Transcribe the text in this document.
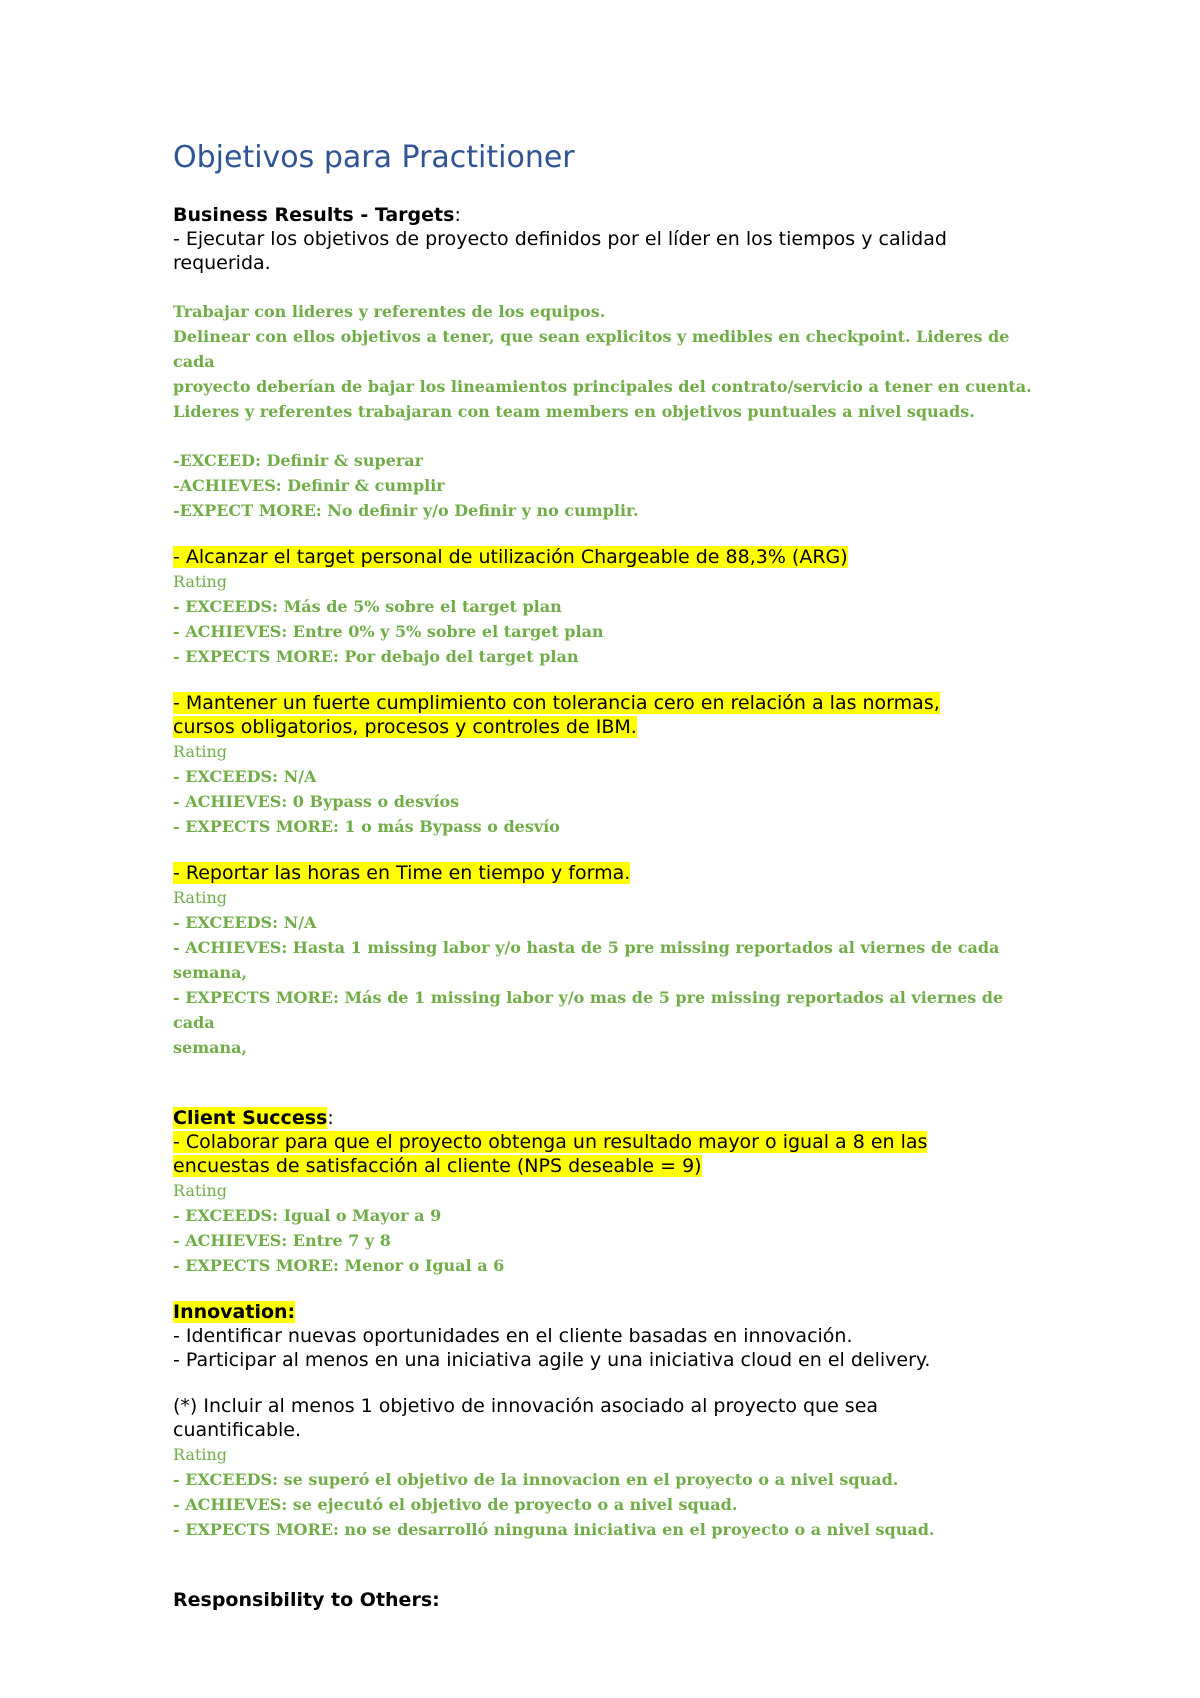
Objetivos para Practitioner

Business Results - Targets:

- Ejecutar los objetivos de proyecto definidos por el líder en los tiempos y calidad

requerida.

Trabajar con lideres y referentes de los equipos.

Delinear con ellos objetivos a tener, que sean explicitos y medibles en checkpoint. Lideres de cada

proyecto deberían de bajar los lineamientos principales del contrato/servicio a tener en cuenta.

Lideres y referentes trabajaran con team members en objetivos puntuales a nivel squads.

-EXCEED: Definir & superar

-ACHIEVES: Definir & cumplir

-EXPECT MORE: No definir y/o Definir y no cumplir.

- Alcanzar el target personal de utilización Chargeable de 88,3% (ARG)

Rating

- EXCEEDS: Más de 5% sobre el target plan

- ACHIEVES: Entre 0% y 5% sobre el target plan

- EXPECTS MORE: Por debajo del target plan

- Mantener un fuerte cumplimiento con tolerancia cero en relación a las normas,

cursos obligatorios, procesos y controles de IBM.

Rating

- EXCEEDS: N/A

- ACHIEVES: 0 Bypass o desvíos

- EXPECTS MORE: 1 o más Bypass o desvío

- Reportar las horas en Time en tiempo y forma.

Rating

- EXCEEDS: N/A

- ACHIEVES: Hasta 1 missing labor y/o hasta de 5 pre missing reportados al viernes de cada semana,

- EXPECTS MORE: Más de 1 missing labor y/o mas de 5 pre missing reportados al viernes de cada

semana,

Client Success:

- Colaborar para que el proyecto obtenga un resultado mayor o igual a 8 en las

encuestas de satisfacción al cliente (NPS deseable = 9)

Rating

- EXCEEDS: Igual o Mayor a 9

- ACHIEVES: Entre 7 y 8

- EXPECTS MORE: Menor o Igual a 6

Innovation:

- Identificar nuevas oportunidades en el cliente basadas en innovación.

- Participar al menos en una iniciativa agile y una iniciativa cloud en el delivery.

(*) Incluir al menos 1 objetivo de innovación asociado al proyecto que sea

cuantificable.

Rating

- EXCEEDS: se superó el objetivo de la innovacion en el proyecto o a nivel squad.

- ACHIEVES: se ejecutó el objetivo de proyecto o a nivel squad.

- EXPECTS MORE: no se desarrolló ninguna iniciativa en el proyecto o a nivel squad.

Responsibility to Others:
